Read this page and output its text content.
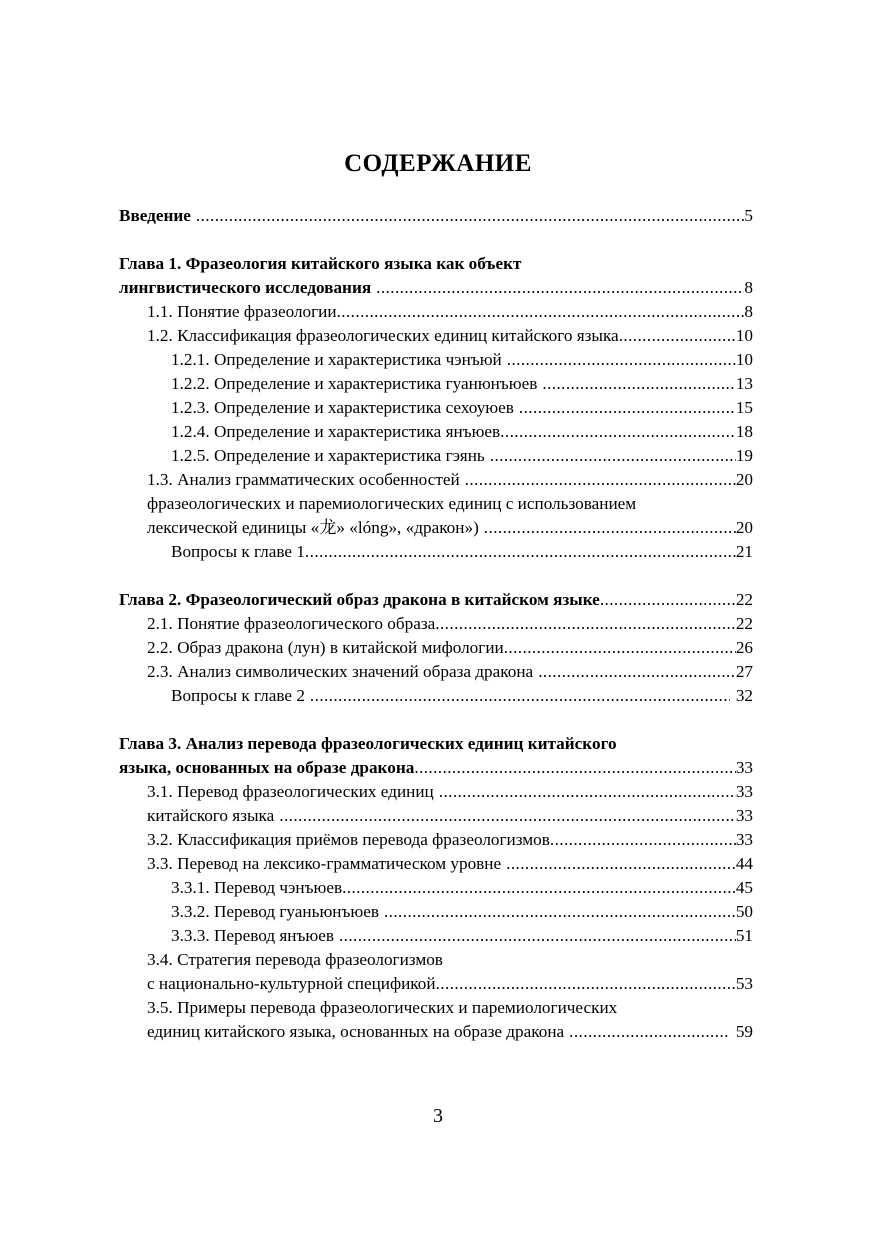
СОДЕРЖАНИЕ
Введение .....	5
Глава 1. Фразеология китайского языка как объект
лингвистического исследования .....	8
1.1. Понятие фразеологии .....	8
1.2. Классификация фразеологических единиц китайского языка .....	10
1.2.1. Определение и характеристика чэнъюй .....	10
1.2.2. Определение и характеристика гуанюнъюев .....	13
1.2.3. Определение и характеристика сехоуюев .....	15
1.2.4. Определение и характеристика янъюев .....	18
1.2.5. Определение и характеристика гэянь .....	19
1.3. Анализ грамматических особенностей .....	20
фразеологических и паремиологических единиц с использованием
лексической единицы «龙» «lóng», «дракон») .....	20
Вопросы к главе 1 .....	21
Глава 2. Фразеологический образ дракона в китайском языке .....	22
2.1. Понятие фразеологического образа .....	22
2.2. Образ дракона (лун) в китайской мифологии .....	26
2.3. Анализ символических значений образа дракона .....	27
Вопросы к главе 2 .....	32
Глава 3. Анализ перевода фразеологических единиц китайского
языка, основанных на образе дракона .....	33
3.1. Перевод фразеологических единиц .....	33
китайского языка .....	33
3.2. Классификация приёмов перевода фразеологизмов .....	33
3.3. Перевод на лексико-грамматическом уровне .....	44
3.3.1. Перевод чэнъюев .....	45
3.3.2. Перевод гуаньюнъюев .....	50
3.3.3. Перевод янъюев .....	51
3.4. Стратегия перевода фразеологизмов
с национально-культурной спецификой .....	53
3.5. Примеры перевода фразеологических и паремиологических
единиц китайского языка, основанных на образе дракона .....	59
3
